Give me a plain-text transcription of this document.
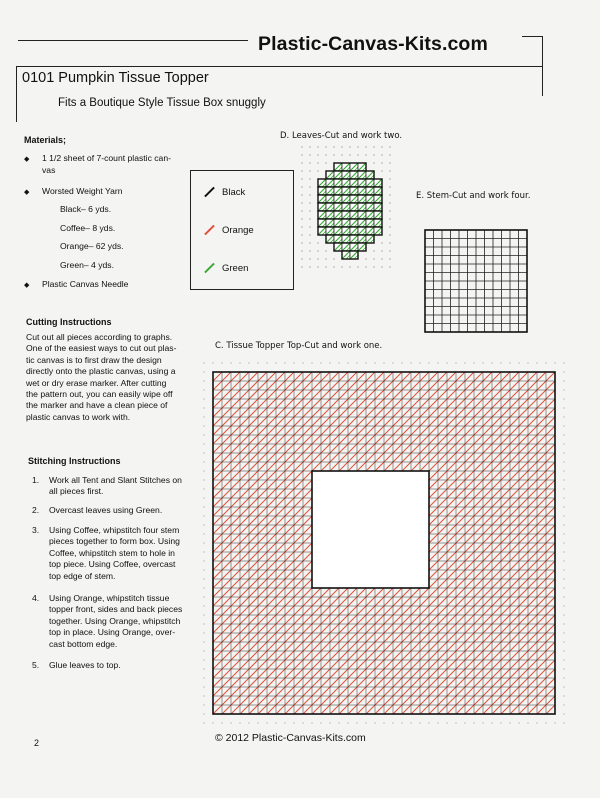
Plastic-Canvas-Kits.com
0101 Pumpkin Tissue Topper
Fits a Boutique Style Tissue Box snuggly
Materials;
◆ 1 1/2 sheet of 7-count plastic can-
vas
◆ Worsted Weight Yarn
Black– 6 yds.
Coffee– 8 yds.
Orange– 62 yds.
Green– 4 yds.
◆ Plastic Canvas Needle
Cutting Instructions
Cut out all pieces according to graphs.
One of the easiest ways to cut out plas-
tic canvas is to first draw the design
directly onto the plastic canvas, using a
wet or dry erase marker. After cutting
the pattern out, you can easily wipe off
the marker and have a clean piece of
plastic canvas to work with.
Stitching Instructions
1. Work all Tent and Slant Stitches on
all pieces first.
2. Overcast leaves using Green.
3. Using Coffee, whipstitch four stem
pieces together to form box. Using
Coffee, whipstitch stem to hole in
top piece. Using Coffee, overcast
top edge of stem.
4. Using Orange, whipstitch tissue
topper front, sides and back pieces
together. Using Orange, whipstitch
top in place. Using Orange, over-
cast bottom edge.
5. Glue leaves to top.
Black
Orange
Green
D. Leaves-Cut and work two.
E. Stem-Cut and work four.
C. Tissue Topper Top-Cut and work one.
2	© 2012 Plastic-Canvas-Kits.com
